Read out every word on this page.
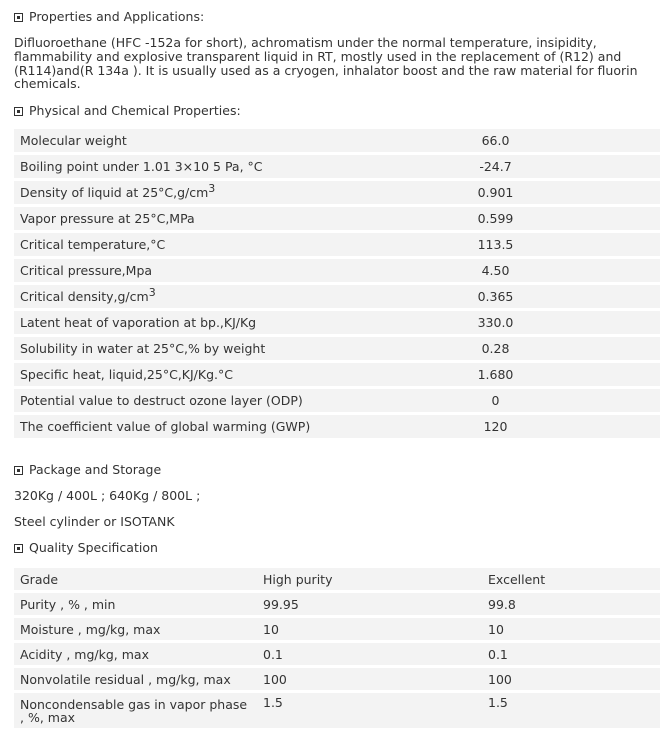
Properties and Applications:
Difluoroethane (HFC -152a for short), achromatism under the normal temperature, insipidity, flammability and explosive transparent liquid in RT, mostly used in the replacement of (R12) and (R114)and(R 134a ). It is usually used as a cryogen, inhalator boost and the raw material for fluorin chemicals.
Physical and Chemical Properties:
Molecular weight	66.0
Boiling point under 1.01 3×10 5 Pa, °C	-24.7
Density of liquid at $25^\circ C,g/cm^3$	0.901
Vapor pressure at 25°C,MPa	0.599
Critical temperature,°C	113.5
Critical pressure,Mpa	4.50
Critical $density,g/cm^3$	0.365
Latent heat of vaporation at bp.,KJ/Kg	330.0
Solubility in water at 25°C,% by weight	0.28
Specific heat, liquid,25°C,KJ/Kg.°C	1.680
Potential value to destruct ozone layer (ODP)	0
The coefficient value of global warming (GWP)	120
Package and Storage
320Kg / 400L ; 640Kg / 800L ;
Steel cylinder or ISOTANK
Quality Specification
Grade	High purity	Excellent
Purity , % , min	99.95	99.8
Moisture , mg/kg, max	10	10
Acidity , mg/kg, max	0.1	0.1
Nonvolatile residual , mg/kg, max	100	100
Noncondensable gas in vapor phase , %, max	1.5	1.5
